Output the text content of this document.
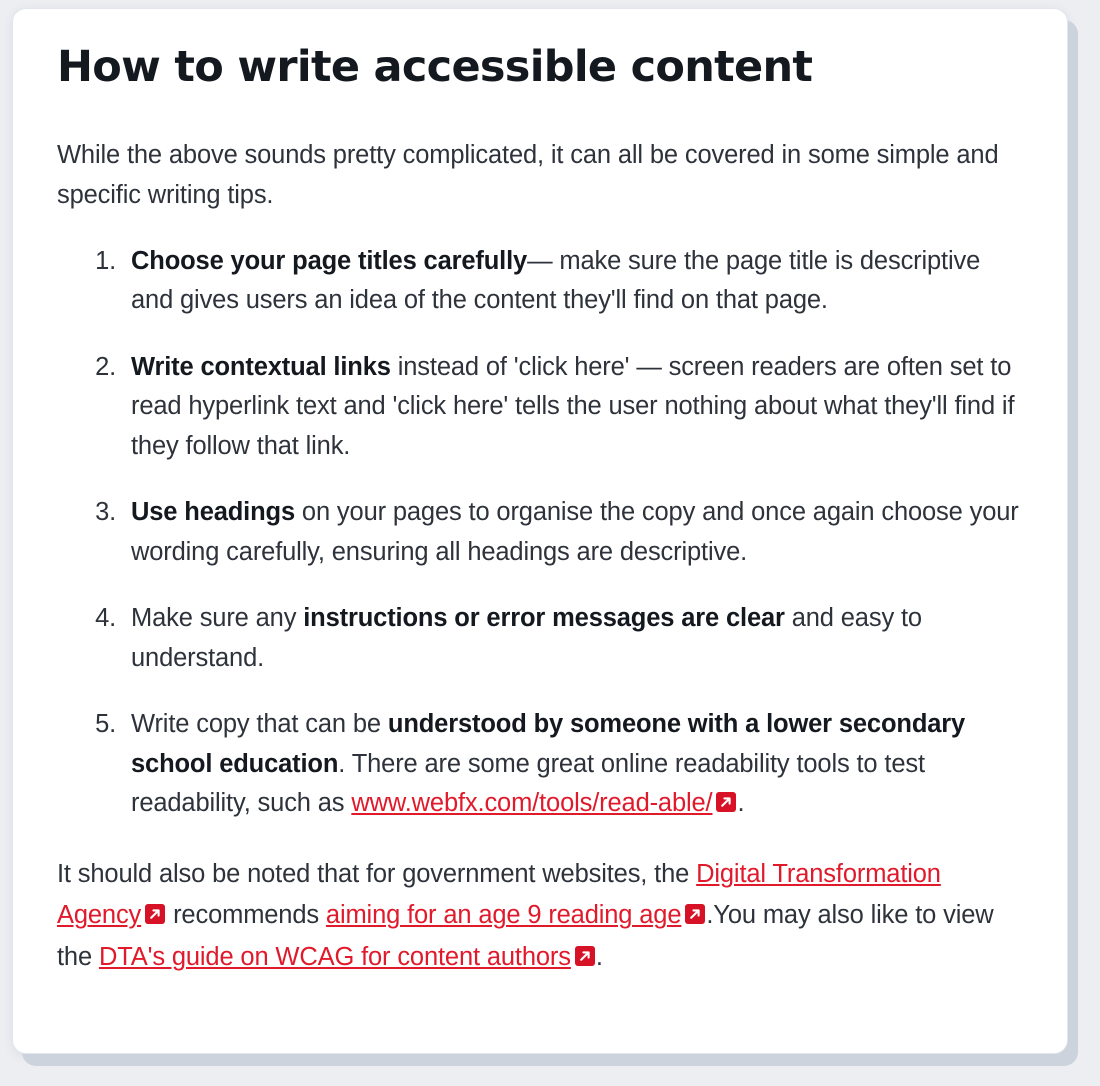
How to write accessible content

While the above sounds pretty complicated, it can all be covered in some simple and specific writing tips.

1. Choose your page titles carefully— make sure the page title is descriptive and gives users an idea of the content they'll find on that page.
2. Write contextual links instead of 'click here' — screen readers are often set to read hyperlink text and 'click here' tells the user nothing about what they'll find if they follow that link.
3. Use headings on your pages to organise the copy and once again choose your wording carefully, ensuring all headings are descriptive.
4. Make sure any instructions or error messages are clear and easy to understand.
5. Write copy that can be understood by someone with a lower secondary school education. There are some great online readability tools to test readability, such as www.webfx.com/tools/read-able/ .

It should also be noted that for government websites, the Digital Transformation Agency
recommends aiming for an age 9 reading age .You may also like to view the DTA's guide on WCAG for content authors .
